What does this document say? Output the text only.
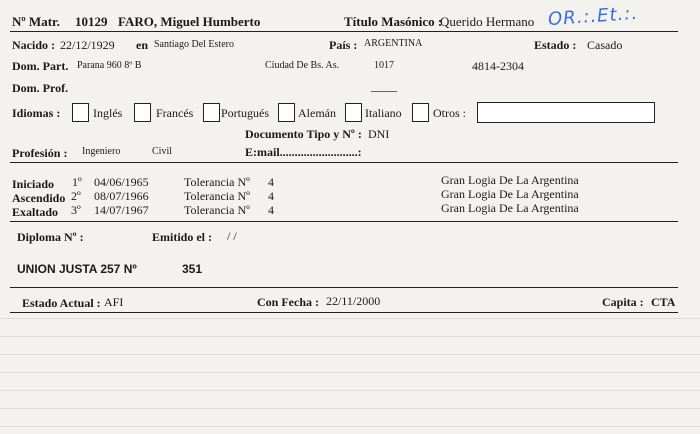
Nº Matr. 10129 FARO, Miguel Humberto	Título Masónico :
Querido Hermano OR.:.Et.:.
Nacido : 22/12/1929 en Santiago Del Estero	País : ARGENTINA	Estado : Casado
Dom. Part. Parana 960 8º B	Ciudad De Bs. As.	1017	4814-2304
Dom. Prof.
Idiomas :	Inglés	Francés Portugués Alemán Italiano	Otros :
Documento Tipo y Nº : DNI
Profesión : Ingeniero	Civil	E:mail..........................:
Iniciado 1º 04/06/1965	Tolerancia Nº 4	Gran Logia De La Argentina
Ascendido 2º 08/07/1966	Tolerancia Nº 4	Gran Logia De La Argentina
Exaltado 3º 14/07/1967	Tolerancia Nº 4	Gran Logia De La Argentina
Diploma Nº :	Emitido el : / /
UNION JUSTA 257 Nº	351
Estado Actual : AFI	Con Fecha : 22/11/2000	Capita : CTA
